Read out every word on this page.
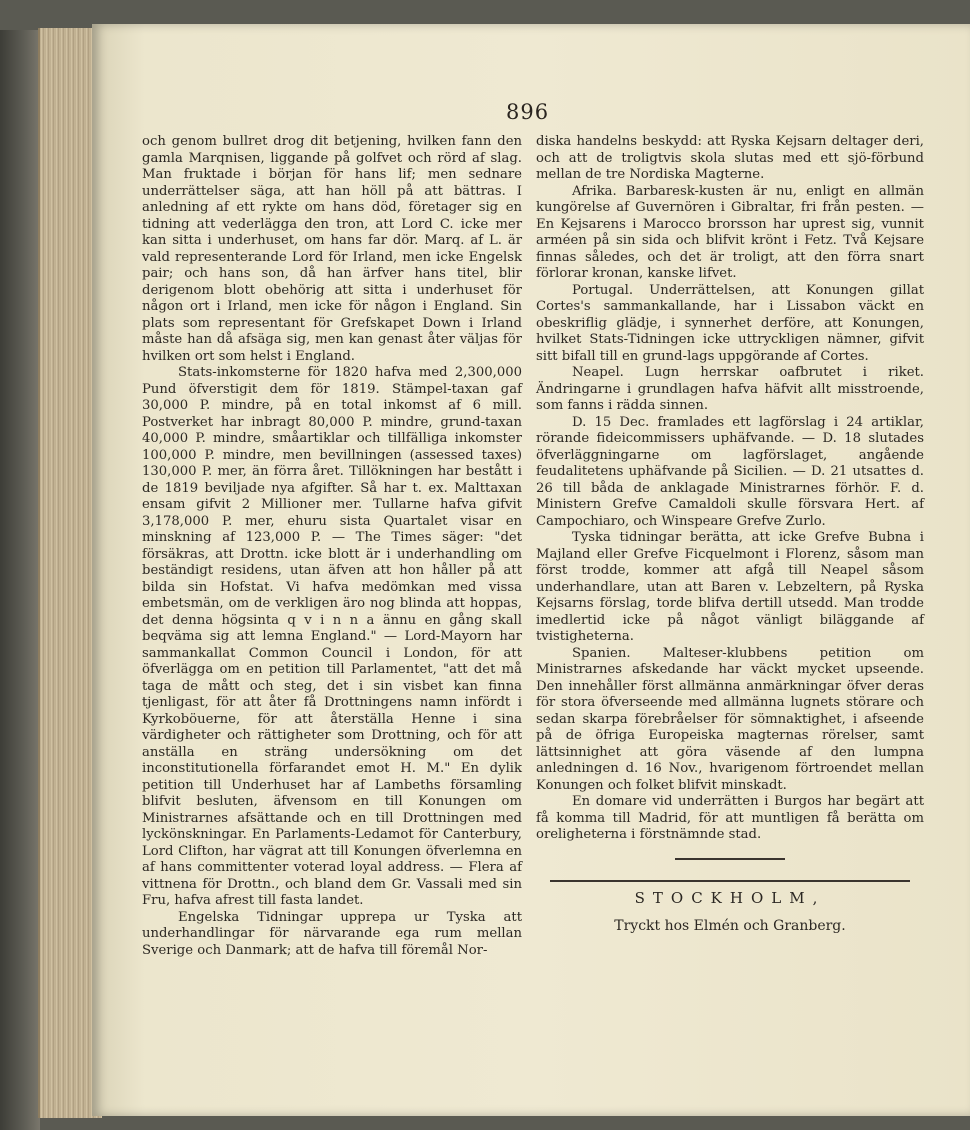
896

och genom bullret drog dit betjening, hvilken fann den gamla Marqnisen, liggande på golfvet och rörd af slag. Man fruktade i början för hans lif; men sednare underrättelser säga, att han höll på att bättras. I anledning af ett rykte om hans död, företager sig en tidning att vederlägga den tron, att Lord C. icke mer kan sitta i underhuset, om hans far dör. Marq. af L. är vald representerande Lord för Irland, men icke Engelsk pair; och hans son, då han ärfver hans titel, blir derigenom blott obehörig att sitta i underhuset för någon ort i Irland, men icke för någon i England. Sin plats som representant för Grefskapet Down i Irland måste han då afsäga sig, men kan genast åter väljas för hvilken ort som helst i England.

Stats-inkomsterne för 1820 hafva med 2,300,000 Pund öfverstigit dem för 1819. Stämpel-taxan gaf 30,000 P. mindre, på en total inkomst af 6 mill. Postverket har inbragt 80,000 P. mindre, grund-taxan 40,000 P. mindre, småartiklar och tillfälliga inkomster 100,000 P. mindre, men bevillningen (assessed taxes) 130,000 P. mer, än förra året. Tillökningen har bestått i de 1819 beviljade nya afgifter. Så har t. ex. Malttaxan ensam gifvit 2 Millioner mer. Tullarne hafva gifvit 3,178,000 P. mer, ehuru sista Quartalet visar en minskning af 123,000 P. — The Times säger: "det försäkras, att Drottn. icke blott är i underhandling om beständigt residens, utan äfven att hon håller på att bilda sin Hofstat. Vi hafva medömkan med vissa embetsmän, om de verkligen äro nog blinda att hoppas, det denna högsinta q v i n n a ännu en gång skall beqväma sig att lemna England." — Lord-Mayorn har sammankallat Common Council i London, för att öfverlägga om en petition till Parlamentet, "att det må taga de mått och steg, det i sin visbet kan finna tjenligast, för att åter få Drottningens namn infördt i Kyrkoböuerne, för att återställa Henne i sina värdigheter och rättigheter som Drottning, och för att anställa en sträng undersökning om det inconstitutionella förfarandet emot H. M." En dylik petition till Underhuset har af Lambeths församling blifvit besluten, äfvensom en till Konungen om Ministrarnes afsättande och en till Drottningen med lyckönskningar. En Parlaments-Ledamot för Canterbury, Lord Clifton, har vägrat att till Konungen öfverlemna en af hans committenter voterad loyal address. — Flera af vittnena för Drottn., och bland dem Gr. Vassali med sin Fru, hafva afrest till fasta landet.

Engelska Tidningar upprepa ur Tyska att underhandlingar för närvarande ega rum mellan Sverige och Danmark; att de hafva till föremål Nor-

diska handelns beskydd: att Ryska Kejsarn deltager deri, och att de troligtvis skola slutas med ett sjö-förbund mellan de tre Nordiska Magterne.

Afrika. Barbaresk-kusten är nu, enligt en allmän kungörelse af Guvernören i Gibraltar, fri från pesten. — En Kejsarens i Marocco brorsson har uprest sig, vunnit arméen på sin sida och blifvit krönt i Fetz. Två Kejsare finnas således, och det är troligt, att den förra snart förlorar kronan, kanske lifvet.

Portugal. Underrättelsen, att Konungen gillat Cortes's sammankallande, har i Lissabon väckt en obeskriflig glädje, i synnerhet derföre, att Konungen, hvilket Stats-Tidningen icke uttryckligen nämner, gifvit sitt bifall till en grund-lags uppgörande af Cortes.

Neapel. Lugn herrskar oafbrutet i riket. Ändringarne i grundlagen hafva häfvit allt misstroende, som fanns i rädda sinnen.

D. 15 Dec. framlades ett lagförslag i 24 artiklar, rörande fideicommissers uphäfvande. — D. 18 slutades öfverläggningarne om lagförslaget, angående feudalitetens uphäfvande på Sicilien. — D. 21 utsattes d. 26 till båda de anklagade Ministrarnes förhör. F. d. Ministern Grefve Camaldoli skulle försvara Hert. af Campochiaro, och Winspeare Grefve Zurlo.

Tyska tidningar berätta, att icke Grefve Bubna i Majland eller Grefve Ficquelmont i Florenz, såsom man först trodde, kommer att afgå till Neapel såsom underhandlare, utan att Baren v. Lebzeltern, på Ryska Kejsarns förslag, torde blifva dertill utsedd. Man trodde imedlertid icke på något vänligt biläggande af tvistigheterna.

Spanien. Malteser-klubbens petition om Ministrarnes afskedande har väckt mycket upseende. Den innehåller först allmänna anmärkningar öfver deras för stora öfverseende med allmänna lugnets störare och sedan skarpa förebråelser för sömnaktighet, i afseende på de öfriga Europeiska magternas rörelser, samt lättsinnighet att göra väsende af den lumpna anledningen d. 16 Nov., hvarigenom förtroendet mellan Konungen och folket blifvit minskadt.

En domare vid underrätten i Burgos har begärt att få komma till Madrid, för att muntligen få berätta om oreligheterna i förstnämnde stad.

STOCKHOLM,
Tryckt hos Elmén och Granberg.
